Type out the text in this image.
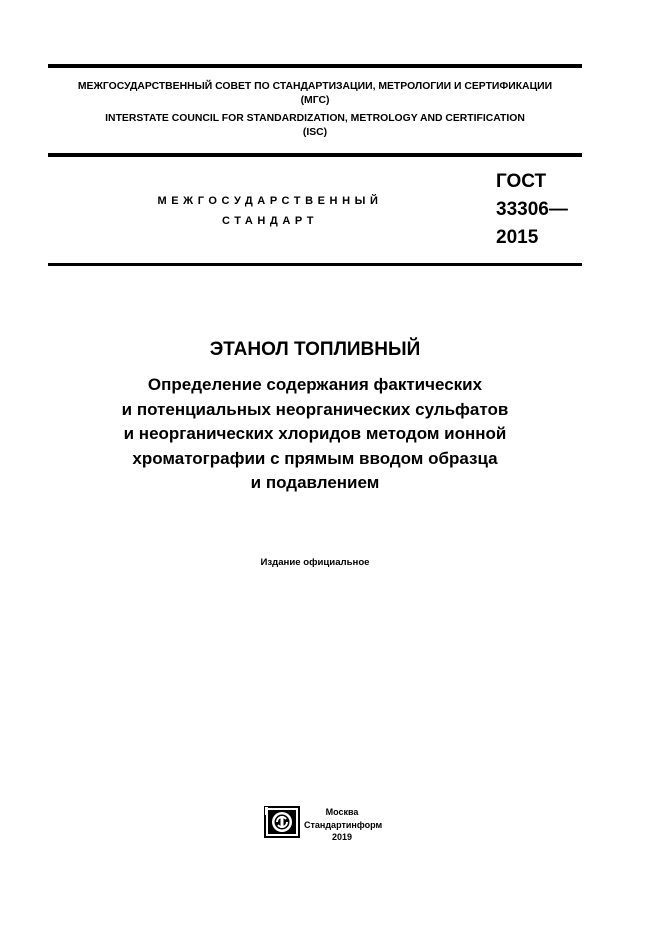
МЕЖГОСУДАРСТВЕННЫЙ СОВЕТ ПО СТАНДАРТИЗАЦИИ, МЕТРОЛОГИИ И СЕРТИФИКАЦИИ
(МГС)
INTERSTATE COUNCIL FOR STANDARDIZATION, METROLOGY AND CERTIFICATION
(ISC)
МЕЖГОСУДАРСТВЕННЫЙ
СТАНДАРТ
ГОСТ
33306—
2015
ЭТАНОЛ ТОПЛИВНЫЙ
Определение содержания фактических
и потенциальных неорганических сульфатов
и неорганических хлоридов методом ионной
хроматографии с прямым вводом образца
и подавлением
Издание официальное
Москва
Стандартинформ
2019
